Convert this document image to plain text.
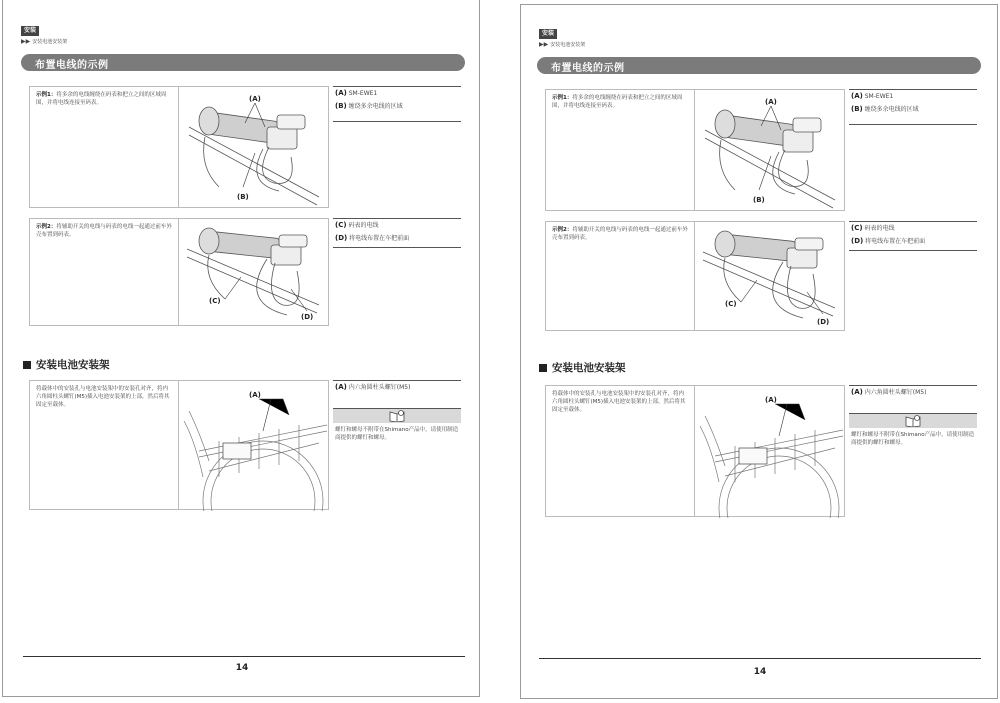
安装
▶▶ 安装电池安装架
布置电线的示例
示例1：将多余的电线缠绕在码表和把立之间的区域周围，并将电线连接至码表。	(A)
(B)
(A) SM-EWE1
(B) 缠绕多余电线的区域
示例2：将辅助开关的电线与码表的电线一起通过前车外壳布置到码表。
(C)
(D)
(C) 码表的电线
(D) 将电线布置在车把前面
安装电池安装架
将载体中的安装孔与电池安装架中的安装孔对齐，将内六角圆柱头螺钉(M5)插入电池安装架的上部，然后将其固定至载体。
(A)
(A) 内六角圆柱头螺钉(M5)
螺钉和螺母不附带在Shimano产品中，请使用制造商提供的螺钉和螺母。
14
安装
▶▶ 安装电池安装架
布置电线的示例
示例1：将多余的电线缠绕在码表和把立之间的区域周围，并将电线连接至码表。	(A)
(B)
(A) SM-EWE1
(B) 缠绕多余电线的区域
示例2：将辅助开关的电线与码表的电线一起通过前车外壳布置到码表。
(C)
(D)
(C) 码表的电线
(D) 将电线布置在车把前面
安装电池安装架
将载体中的安装孔与电池安装架中的安装孔对齐，将内六角圆柱头螺钉(M5)插入电池安装架的上部，然后将其固定至载体。
(A)
(A) 内六角圆柱头螺钉(M5)
螺钉和螺母不附带在Shimano产品中，请使用制造商提供的螺钉和螺母。
14
